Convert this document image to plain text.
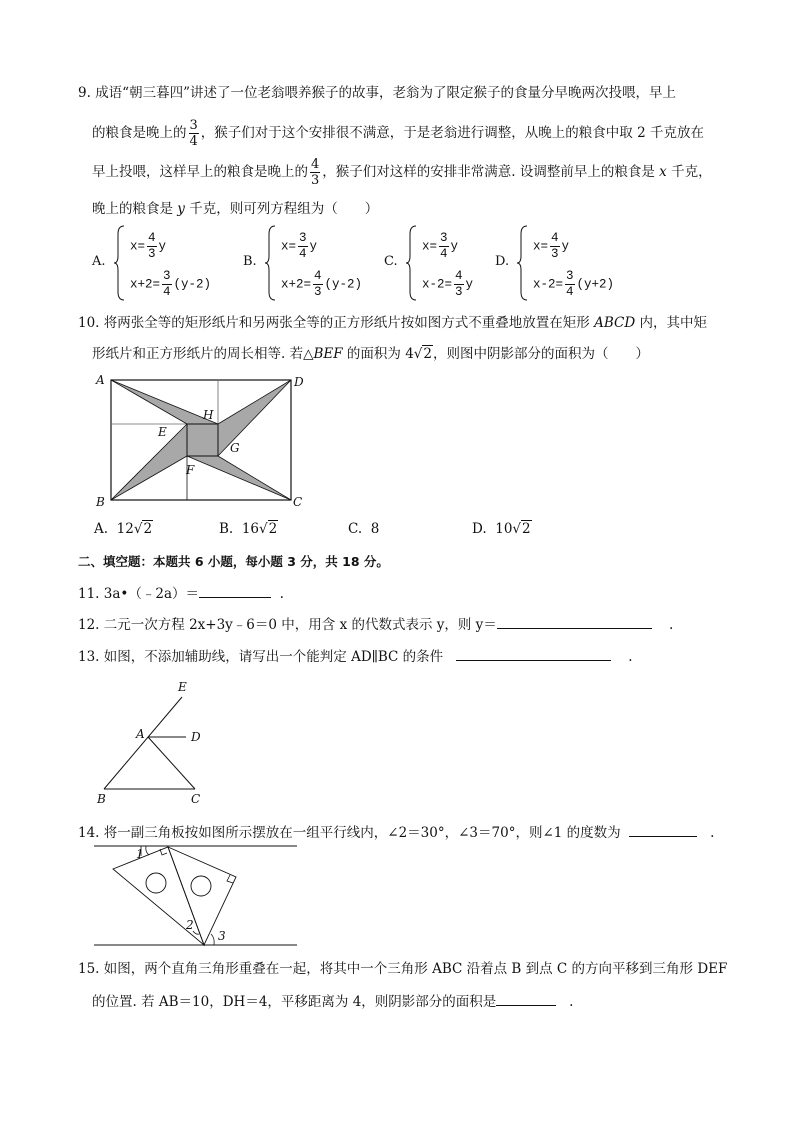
9. 成语“朝三暮四”讲述了一位老翁喂养猴子的故事，老翁为了限定猴子的食量分早晚两次投喂，早上
的粮食是晚上的 $\frac{3}{4}$ ，猴子们对于这个安排很不满意，于是老翁进行调整，从晚上的粮食中取 2 千克放在
早上投喂，这样早上的粮食是晚上的 $\frac{4}{3}$ ，猴子们对这样的安排非常满意. 设调整前早上的粮食是 x 千克，
晚上的粮食是 y 千克，则可列方程组为（　　）
A.
$x= \frac{4}{3}$ y
$x+2= \frac{3}{4} (y-2)$
B.
$x= \frac{3}{4}$ y
$x+2= \frac{4}{3} (y-2)$
C.
$x= \frac{3}{4}$ y
$x-2= \frac{4}{3}$ y
D.
$x= \frac{4}{3}$ y
$x-2= \frac{3}{4} (y+2)$
10. 将两张全等的矩形纸片和另两张全等的正方形纸片按如图方式不重叠地放置在矩形 ABCD 内，其中矩
形纸片和正方形纸片的周长相等. 若△BEF 的面积为 4√2，则图中阴影部分的面积为（　　）
A	D
B	C
E
F
G
H
A. 12√2	B. 16√2	C. 8	D. 10√2
二、填空题：本题共 6 小题，每小题 3 分，共 18 分。
11. 3a•（﹣2a）＝	.
12. 二元一次方程 2x+3y﹣6＝0 中，用含 x 的代数式表示 y，则 y＝	.
13. 如图，不添加辅助线，请写出一个能判定 AD∥BC 的条件	.
E
A	D
B	C
14. 将一副三角板按如图所示摆放在一组平行线内，∠2＝30°，∠3＝70°，则∠1 的度数为	.
2
3
1
15. 如图，两个直角三角形重叠在一起，将其中一个三角形 ABC 沿着点 B 到点 C 的方向平移到三角形 DEF
的位置. 若 AB＝10，DH＝4，平移距离为 4，则阴影部分的面积是	.
